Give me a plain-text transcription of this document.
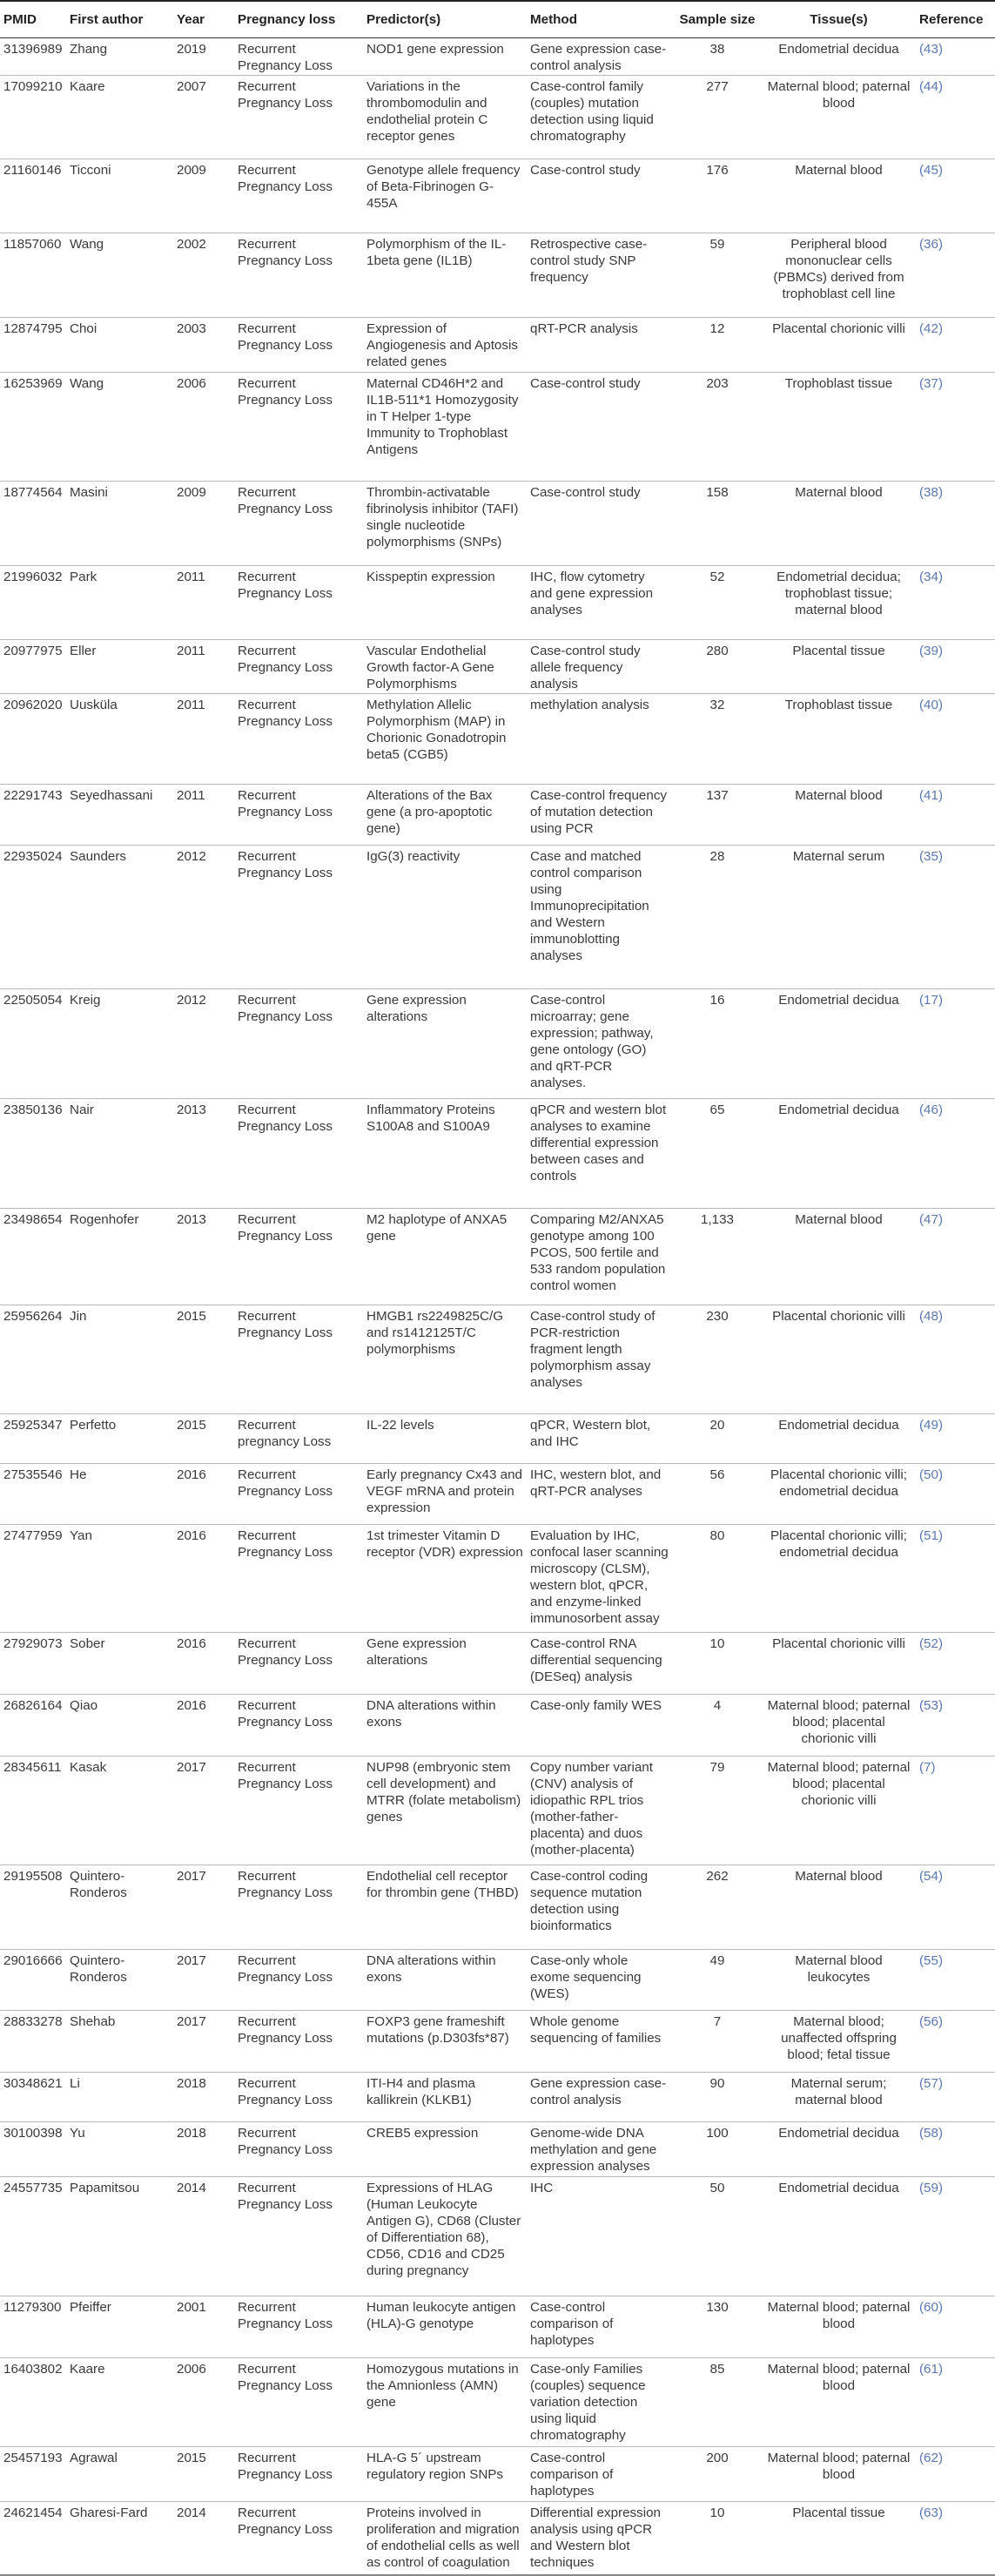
PMID	First author	Year	Pregnancy loss	Predictor(s)	Method	Sample size	Tissue(s)	Reference
31396989	Zhang	2019	Recurrent Pregnancy Loss	NOD1 gene expression	Gene expression case-control analysis	38	Endometrial decidua	(43)
17099210	Kaare	2007	Recurrent Pregnancy Loss	Variations in the thrombomodulin and endothelial protein C receptor genes	Case-control family (couples) mutation detection using liquid chromatography	277	Maternal blood; paternal blood	(44)
21160146	Ticconi	2009	Recurrent Pregnancy Loss	Genotype allele frequency of Beta-Fibrinogen G-455A	Case-control study	176	Maternal blood	(45)
11857060	Wang	2002	Recurrent Pregnancy Loss	Polymorphism of the IL-1beta gene (IL1B)	Retrospective case-control study SNP frequency	59	Peripheral blood mononuclear cells (PBMCs) derived from trophoblast cell line	(36)
12874795	Choi	2003	Recurrent Pregnancy Loss	Expression of Angiogenesis and Aptosis related genes	qRT-PCR analysis	12	Placental chorionic villi	(42)
16253969	Wang	2006	Recurrent Pregnancy Loss	Maternal CD46H*2 and IL1B-511*1 Homozygosity in T Helper 1-type Immunity to Trophoblast Antigens	Case-control study	203	Trophoblast tissue	(37)
18774564	Masini	2009	Recurrent Pregnancy Loss	Thrombin-activatable fibrinolysis inhibitor (TAFI) single nucleotide polymorphisms (SNPs)	Case-control study	158	Maternal blood	(38)
21996032	Park	2011	Recurrent Pregnancy Loss	Kisspeptin expression	IHC, flow cytometry and gene expression analyses	52	Endometrial decidua; trophoblast tissue; maternal blood	(34)
20977975	Eller	2011	Recurrent Pregnancy Loss	Vascular Endothelial Growth factor-A Gene Polymorphisms	Case-control study allele frequency analysis	280	Placental tissue	(39)
20962020	Uusküla	2011	Recurrent Pregnancy Loss	Methylation Allelic Polymorphism (MAP) in Chorionic Gonadotropin beta5 (CGB5)	methylation analysis	32	Trophoblast tissue	(40)
22291743	Seyedhassani	2011	Recurrent Pregnancy Loss	Alterations of the Bax gene (a pro-apoptotic gene)	Case-control frequency of mutation detection using PCR	137	Maternal blood	(41)
22935024	Saunders	2012	Recurrent Pregnancy Loss	IgG(3) reactivity	Case and matched control comparison using Immunoprecipitation and Western immunoblotting analyses	28	Maternal serum	(35)
22505054	Kreig	2012	Recurrent Pregnancy Loss	Gene expression alterations	Case-control microarray; gene expression; pathway, gene ontology (GO) and qRT-PCR analyses.	16	Endometrial decidua	(17)
23850136	Nair	2013	Recurrent Pregnancy Loss	Inflammatory Proteins S100A8 and S100A9	qPCR and western blot analyses to examine differential expression between cases and controls	65	Endometrial decidua	(46)
23498654	Rogenhofer	2013	Recurrent Pregnancy Loss	M2 haplotype of ANXA5 gene	Comparing M2/ANXA5 genotype among 100 PCOS, 500 fertile and 533 random population control women	1,133	Maternal blood	(47)
25956264	Jin	2015	Recurrent Pregnancy Loss	HMGB1 rs2249825C/G and rs1412125T/C polymorphisms	Case-control study of PCR-restriction fragment length polymorphism assay analyses	230	Placental chorionic villi	(48)
25925347	Perfetto	2015	Recurrent pregnancy Loss	IL-22 levels	qPCR, Western blot, and IHC	20	Endometrial decidua	(49)
27535546	He	2016	Recurrent Pregnancy Loss	Early pregnancy Cx43 and VEGF mRNA and protein expression	IHC, western blot, and qRT-PCR analyses	56	Placental chorionic villi; endometrial decidua	(50)
27477959	Yan	2016	Recurrent Pregnancy Loss	1st trimester Vitamin D receptor (VDR) expression	Evaluation by IHC, confocal laser scanning microscopy (CLSM), western blot, qPCR, and enzyme-linked immunosorbent assay	80	Placental chorionic villi; endometrial decidua	(51)
27929073	Sober	2016	Recurrent Pregnancy Loss	Gene expression alterations	Case-control RNA differential sequencing (DESeq) analysis	10	Placental chorionic villi	(52)
26826164	Qiao	2016	Recurrent Pregnancy Loss	DNA alterations within exons	Case-only family WES	4	Maternal blood; paternal blood; placental chorionic villi	(53)
28345611	Kasak	2017	Recurrent Pregnancy Loss	NUP98 (embryonic stem cell development) and MTRR (folate metabolism) genes	Copy number variant (CNV) analysis of idiopathic RPL trios (mother-father-placenta) and duos (mother-placenta)	79	Maternal blood; paternal blood; placental chorionic villi	(7)
29195508	Quintero-Ronderos	2017	Recurrent Pregnancy Loss	Endothelial cell receptor for thrombin gene (THBD)	Case-control coding sequence mutation detection using bioinformatics	262	Maternal blood	(54)
29016666	Quintero-Ronderos	2017	Recurrent Pregnancy Loss	DNA alterations within exons	Case-only whole exome sequencing (WES)	49	Maternal blood leukocytes	(55)
28833278	Shehab	2017	Recurrent Pregnancy Loss	FOXP3 gene frameshift mutations (p.D303fs*87)	Whole genome sequencing of families	7	Maternal blood; unaffected offspring blood; fetal tissue	(56)
30348621	Li	2018	Recurrent Pregnancy Loss	ITI-H4 and plasma kallikrein (KLKB1)	Gene expression case-control analysis	90	Maternal serum; maternal blood	(57)
30100398	Yu	2018	Recurrent Pregnancy Loss	CREB5 expression	Genome-wide DNA methylation and gene expression analyses	100	Endometrial decidua	(58)
24557735	Papamitsou	2014	Recurrent Pregnancy Loss	Expressions of HLAG (Human Leukocyte Antigen G), CD68 (Cluster of Differentiation 68), CD56, CD16 and CD25 during pregnancy	IHC	50	Endometrial decidua	(59)
11279300	Pfeiffer	2001	Recurrent Pregnancy Loss	Human leukocyte antigen (HLA)-G genotype	Case-control comparison of haplotypes	130	Maternal blood; paternal blood	(60)
16403802	Kaare	2006	Recurrent Pregnancy Loss	Homozygous mutations in the Amnionless (AMN) gene	Case-only Families (couples) sequence variation detection using liquid chromatography	85	Maternal blood; paternal blood	(61)
25457193	Agrawal	2015	Recurrent Pregnancy Loss	HLA-G 5´ upstream regulatory region SNPs	Case-control comparison of haplotypes	200	Maternal blood; paternal blood	(62)
24621454	Gharesi-Fard	2014	Recurrent Pregnancy Loss	Proteins involved in proliferation and migration of endothelial cells as well as control of coagulation	Differential expression analysis using qPCR and Western blot techniques	10	Placental tissue	(63)
